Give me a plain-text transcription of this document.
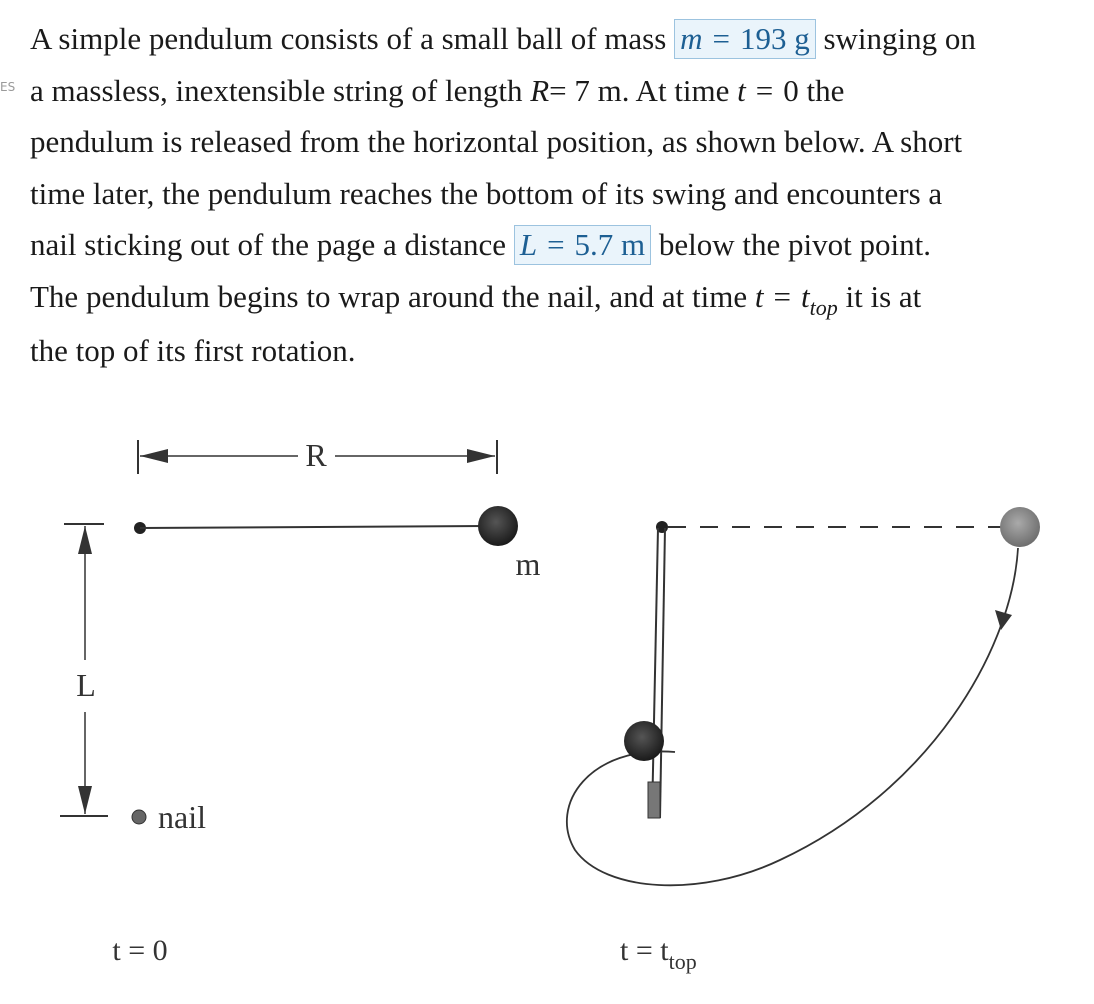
ES
A simple pendulum consists of a small ball of mass m = 193 g swinging on
a massless, inextensible string of length R= 7 m. At time t = 0 the
pendulum is released from the horizontal position, as shown below. A short
time later, the pendulum reaches the bottom of its swing and encounters a
nail sticking out of the page a distance L = 5.7 m below the pivot point.
The pendulum begins to wrap around the nail, and at time $t = t_{top}$ it is at
the top of its first rotation.
R
m
L
nail
t = 0	$t = t_{top}$
